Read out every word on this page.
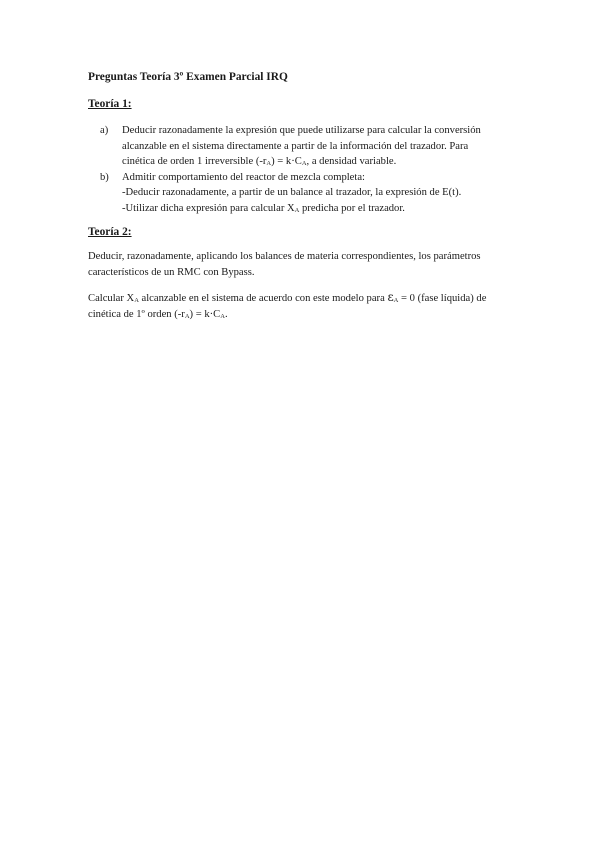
Preguntas Teoría 3º Examen Parcial IRQ

Teoría 1:

a) Deducir razonadamente la expresión que puede utilizarse para calcular la conversión
alcanzable en el sistema directamente a partir de la información del trazador. Para
cinética de orden 1 irreversible $(-r_A) = k\cdot C_A$, a densidad variable.
b) Admitir comportamiento del reactor de mezcla completa:
-Deducir razonadamente, a partir de un balance al trazador, la expresión de E(t).
-Utilizar dicha expresión para calcular $X_A$ predicha por el trazador.

Teoría 2:

Deducir, razonadamente, aplicando los balances de materia correspondientes, los parámetros
característicos de un RMC con Bypass.

Calcular $X_A$ alcanzable en el sistema de acuerdo con este modelo para $\varepsilon_A = 0$ (fase líquida) de
cinética de 1º orden $(-r_A) = k\cdot C_A$.
